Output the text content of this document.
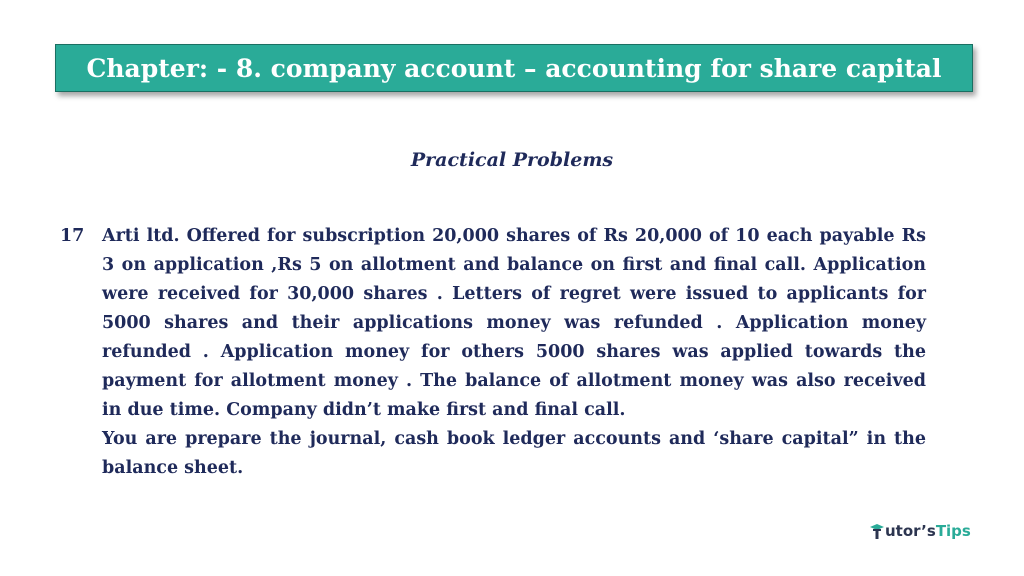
Chapter: - 8. company account – accounting for share capital
Practical Problems
17	Arti ltd. Offered for subscription 20,000 shares of Rs 20,000 of 10 each payable Rs 3 on application ,Rs 5 on allotment and balance on first and final call. Application were received for 30,000 shares . Letters of regret were issued to applicants for 5000 shares and their applications money was refunded . Application money refunded . Application money for others 5000 shares was applied towards the payment for allotment money . The balance of allotment money was also received in due time. Company didn’t make first and final call.

You are prepare the journal, cash book ledger accounts and ‘share capital” in the balance sheet.

utor’s Tips
